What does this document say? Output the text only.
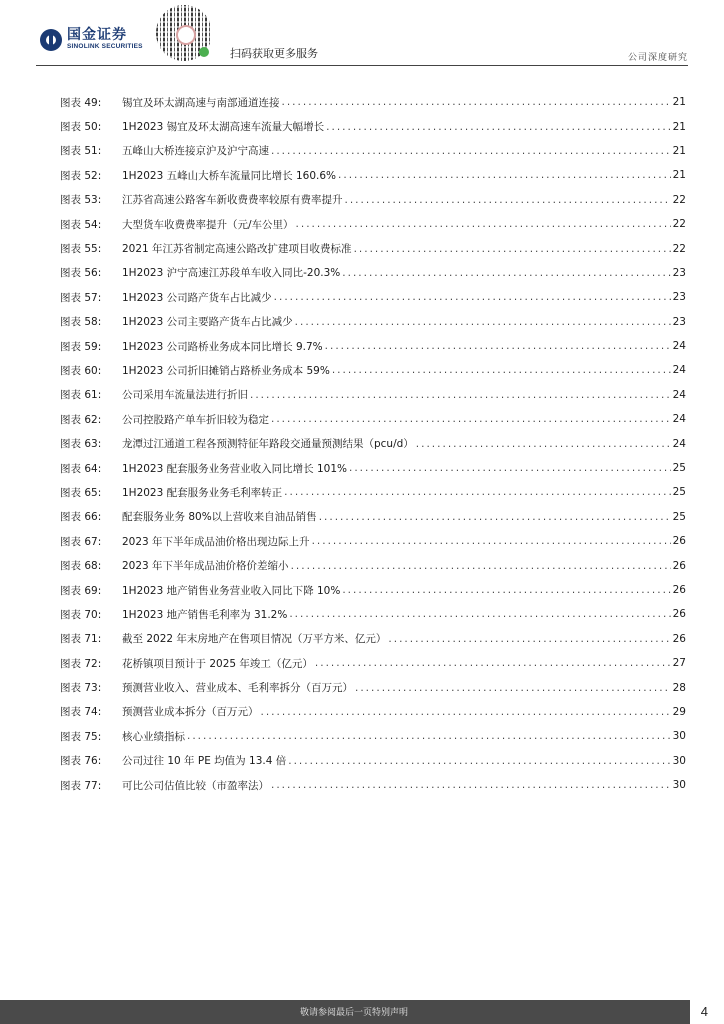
国金证券
SINOLINK SECURITIES
扫码获取更多服务	公司深度研究
图表 49:	锡宜及环太湖高速与南部通道连接 .....	21
图表 50:	1H2023 锡宜及环太湖高速车流量大幅增长 .....	21
图表 51:	五峰山大桥连接京沪及沪宁高速 .....	21
图表 52:	1H2023 五峰山大桥车流量同比增长 160.6% .....	21
图表 53:	江苏省高速公路客车新收费费率较原有费率提升 .....	22
图表 54:	大型货车收费费率提升（元/车公里） .....	22
图表 55:	2021 年江苏省制定高速公路改扩建项目收费标准 .....	22
图表 56:	1H2023 沪宁高速江苏段单车收入同比-20.3% .....	23
图表 57:	1H2023 公司路产货车占比减少 .....	23
图表 58:	1H2023 公司主要路产货车占比减少 .....	23
图表 59:	1H2023 公司路桥业务成本同比增长 9.7% .....	24
图表 60:	1H2023 公司折旧摊销占路桥业务成本 59% .....	24
图表 61:	公司采用车流量法进行折旧 .....	24
图表 62:	公司控股路产单车折旧较为稳定 .....	24
图表 63:	龙潭过江通道工程各预测特征年路段交通量预测结果（pcu/d） .....	24
图表 64:	1H2023 配套服务业务营业收入同比增长 101% .....	25
图表 65:	1H2023 配套服务业务毛利率转正 .....	25
图表 66:	配套服务业务 80%以上营收来自油品销售 .....	25
图表 67:	2023 年下半年成品油价格出现边际上升 .....	26
图表 68:	2023 年下半年成品油价格价差缩小 .....	26
图表 69:	1H2023 地产销售业务营业收入同比下降 10% .....	26
图表 70:	1H2023 地产销售毛利率为 31.2% .....	26
图表 71:	截至 2022 年末房地产在售项目情况（万平方米、亿元） .....	26
图表 72:	花桥镇项目预计于 2025 年竣工（亿元） .....	27
图表 73:	预测营业收入、营业成本、毛利率拆分（百万元） .....	28
图表 74:	预测营业成本拆分（百万元） .....	29
图表 75:	核心业绩指标 .....	30
图表 76:	公司过往 10 年 PE 均值为 13.4 倍 .....	30
图表 77:	可比公司估值比较（市盈率法） .....	30
敬请参阅最后一页特别声明	4
